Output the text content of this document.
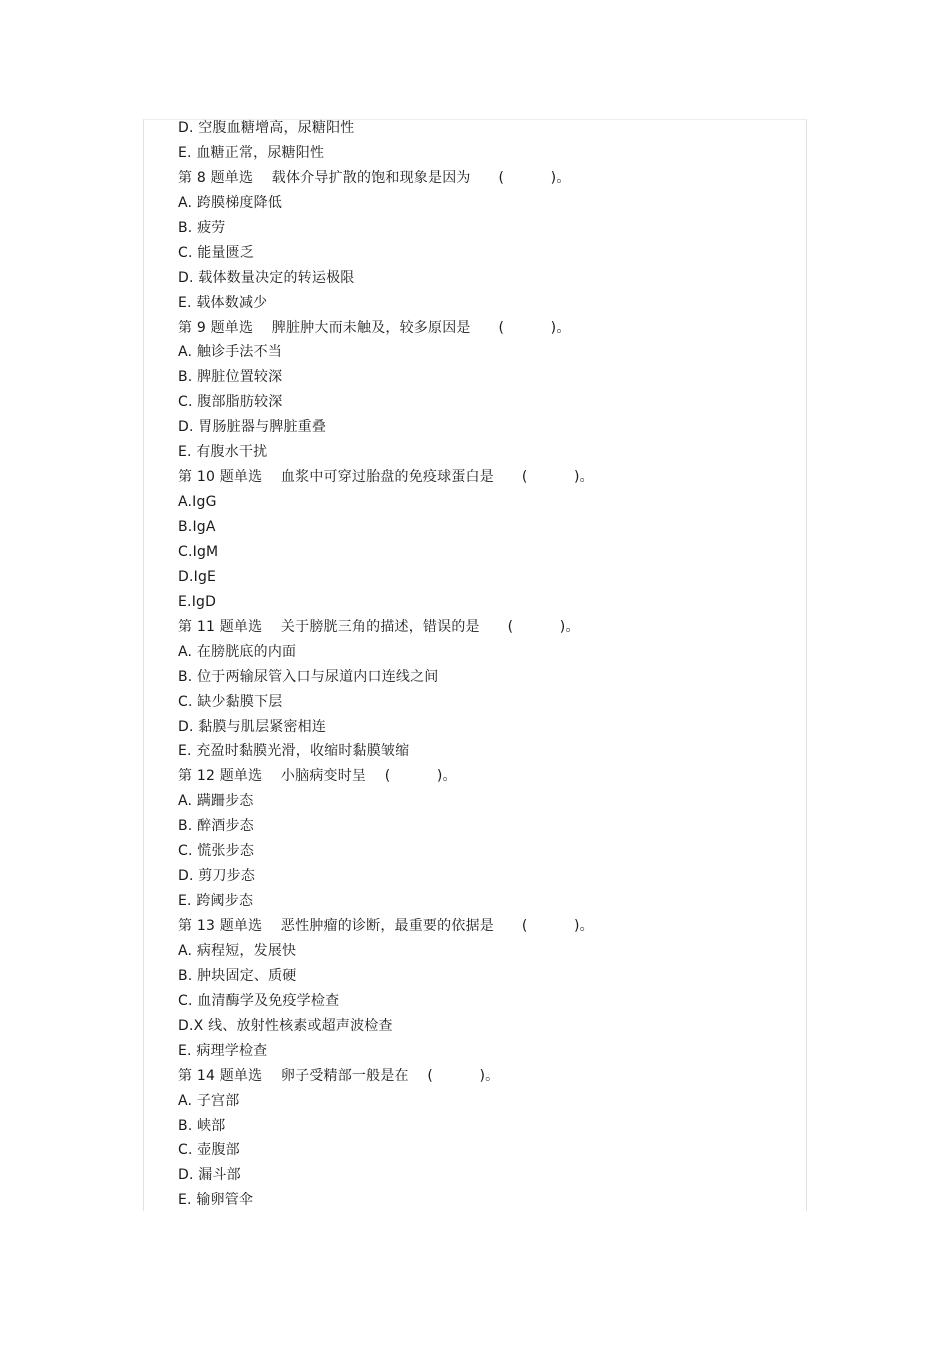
D. 空腹血糖增高，尿糖阳性
E. 血糖正常，尿糖阳性
第 8 题单选    载体介导扩散的饱和现象是因为      (          )。
A. 跨膜梯度降低
B. 疲劳
C. 能量匮乏
D. 载体数量决定的转运极限
E. 载体数减少
第 9 题单选    脾脏肿大而未触及，较多原因是      (          )。
A. 触诊手法不当
B. 脾脏位置较深
C. 腹部脂肪较深
D. 胃肠脏器与脾脏重叠
E. 有腹水干扰
第 10 题单选    血浆中可穿过胎盘的免疫球蛋白是      (          )。
A.IgG
B.IgA
C.IgM
D.IgE
E.IgD
第 11 题单选    关于膀胱三角的描述，错误的是      (          )。
A. 在膀胱底的内面
B. 位于两输尿管入口与尿道内口连线之间
C. 缺少黏膜下层
D. 黏膜与肌层紧密相连
E. 充盈时黏膜光滑，收缩时黏膜皱缩
第 12 题单选    小脑病变时呈    (          )。
A. 蹒跚步态
B. 醉酒步态
C. 慌张步态
D. 剪刀步态
E. 跨阈步态
第 13 题单选    恶性肿瘤的诊断，最重要的依据是      (          )。
A. 病程短，发展快
B. 肿块固定、质硬
C. 血清酶学及免疫学检查
D.X 线、放射性核素或超声波检查
E. 病理学检查
第 14 题单选    卵子受精部一般是在    (          )。
A. 子宫部
B. 峡部
C. 壶腹部
D. 漏斗部
E. 输卵管伞
